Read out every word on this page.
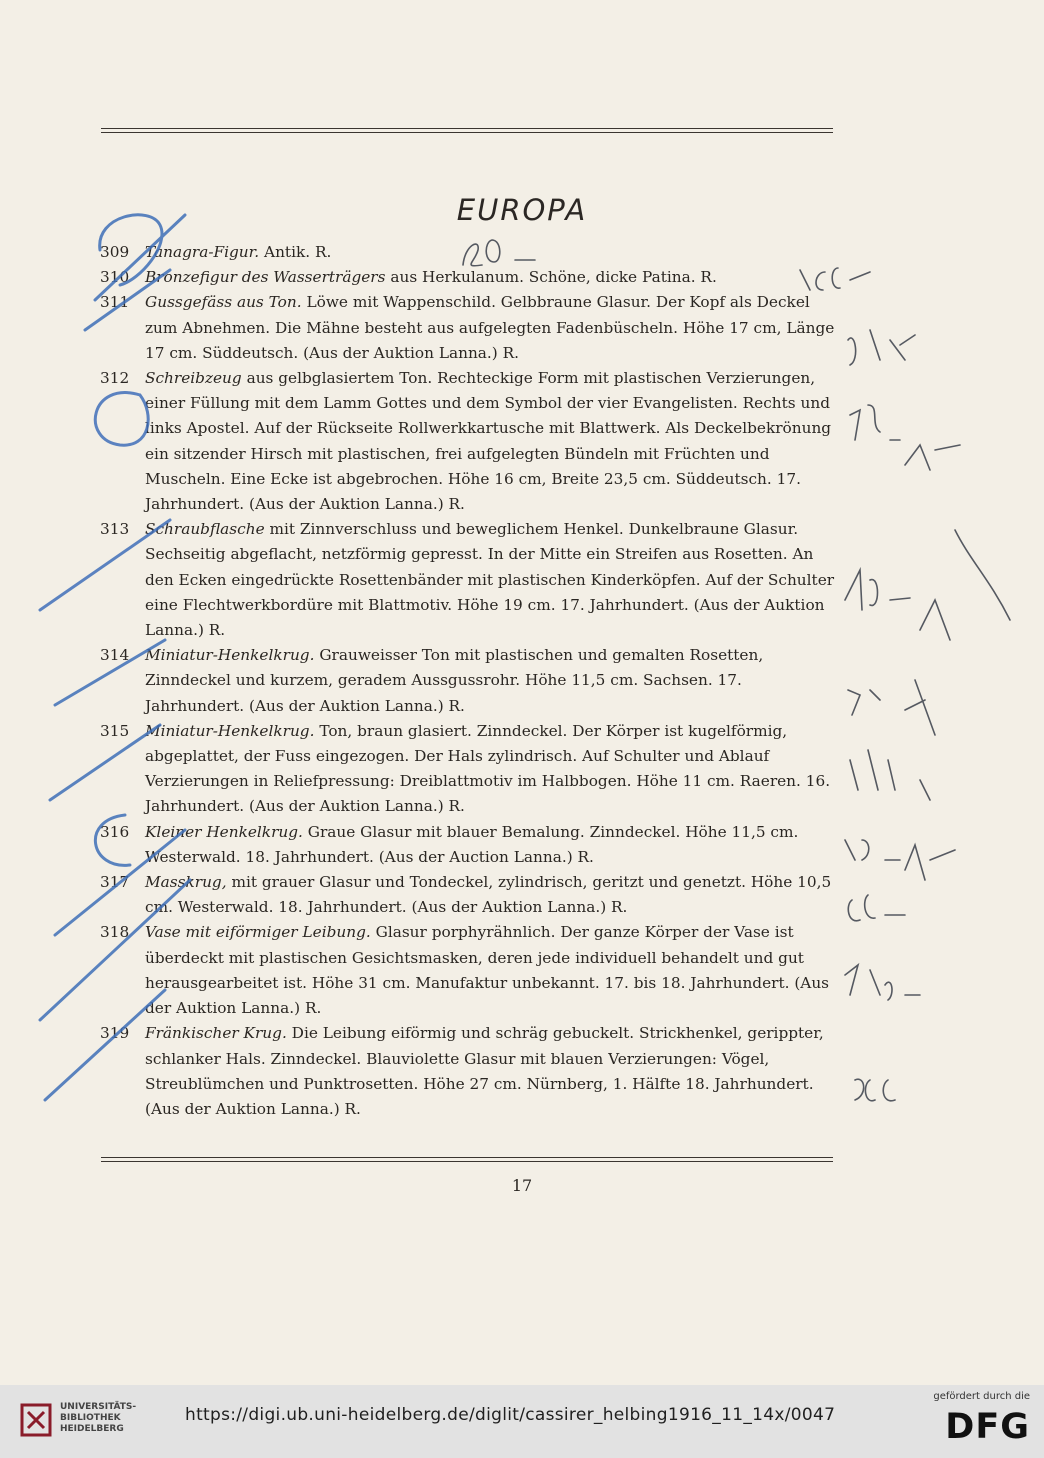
EUROPA
309	Tanagra-Figur. Antik. R.
310	Bronzefigur des Wasserträgers aus Herkulanum. Schöne, dicke Patina. R.
311	Gussgefäss aus Ton. Löwe mit Wappenschild. Gelbbraune Glasur. Der Kopf als Deckel zum Abnehmen. Die Mähne besteht aus aufgelegten Fadenbüscheln. Höhe 17 cm, Länge 17 cm. Süddeutsch. (Aus der Auktion Lanna.) R.
312	Schreibzeug aus gelbglasiertem Ton. Rechteckige Form mit plastischen Verzierungen, einer Füllung mit dem Lamm Gottes und dem Symbol der vier Evangelisten. Rechts und links Apostel. Auf der Rückseite Rollwerkkartusche mit Blattwerk. Als Deckelbekrönung ein sitzender Hirsch mit plastischen, frei aufgelegten Bündeln mit Früchten und Muscheln. Eine Ecke ist abgebrochen. Höhe 16 cm, Breite 23,5 cm. Süddeutsch. 17. Jahrhundert. (Aus der Auktion Lanna.) R.
313	Schraubflasche mit Zinnverschluss und beweglichem Henkel. Dunkelbraune Glasur. Sechseitig abgeflacht, netzförmig gepresst. In der Mitte ein Streifen aus Rosetten. An den Ecken eingedrückte Rosettenbänder mit plastischen Kinderköpfen. Auf der Schulter eine Flechtwerkbordüre mit Blattmotiv. Höhe 19 cm. 17. Jahrhundert. (Aus der Auktion Lanna.) R.
314	Miniatur-Henkelkrug. Grauweisser Ton mit plastischen und gemalten Rosetten, Zinndeckel und kurzem, geradem Aussgussrohr. Höhe 11,5 cm. Sachsen. 17. Jahrhundert. (Aus der Auktion Lanna.) R.
315	Miniatur-Henkelkrug. Ton, braun glasiert. Zinndeckel. Der Körper ist kugelförmig, abgeplattet, der Fuss eingezogen. Der Hals zylindrisch. Auf Schulter und Ablauf Verzierungen in Reliefpressung: Dreiblattmotiv im Halbbogen. Höhe 11 cm. Raeren. 16. Jahrhundert. (Aus der Auktion Lanna.) R.
316	Kleiner Henkelkrug. Graue Glasur mit blauer Bemalung. Zinndeckel. Höhe 11,5 cm. Westerwald. 18. Jahrhundert. (Aus der Auction Lanna.) R.
317	Masskrug, mit grauer Glasur und Tondeckel, zylindrisch, geritzt und genetzt. Höhe 10,5 cm. Westerwald. 18. Jahrhundert. (Aus der Auktion Lanna.) R.
318	Vase mit eiförmiger Leibung. Glasur porphyrähnlich. Der ganze Körper der Vase ist überdeckt mit plastischen Gesichtsmasken, deren jede individuell behandelt und gut herausgearbeitet ist. Höhe 31 cm. Manufaktur unbekannt. 17. bis 18. Jahrhundert. (Aus der Auktion Lanna.) R.
319	Fränkischer Krug. Die Leibung eiförmig und schräg gebuckelt. Strickhenkel, gerippter, schlanker Hals. Zinndeckel. Blauviolette Glasur mit blauen Verzierungen: Vögel, Streublümchen und Punktrosetten. Höhe 27 cm. Nürnberg, 1. Hälfte 18. Jahrhundert. (Aus der Auktion Lanna.) R.
17
UNIVERSITÄTS-
BIBLIOTHEK
HEIDELBERG
https://digi.ub.uni-heidelberg.de/diglit/cassirer_helbing1916_11_14x/0047
gefördert durch die
DFG
